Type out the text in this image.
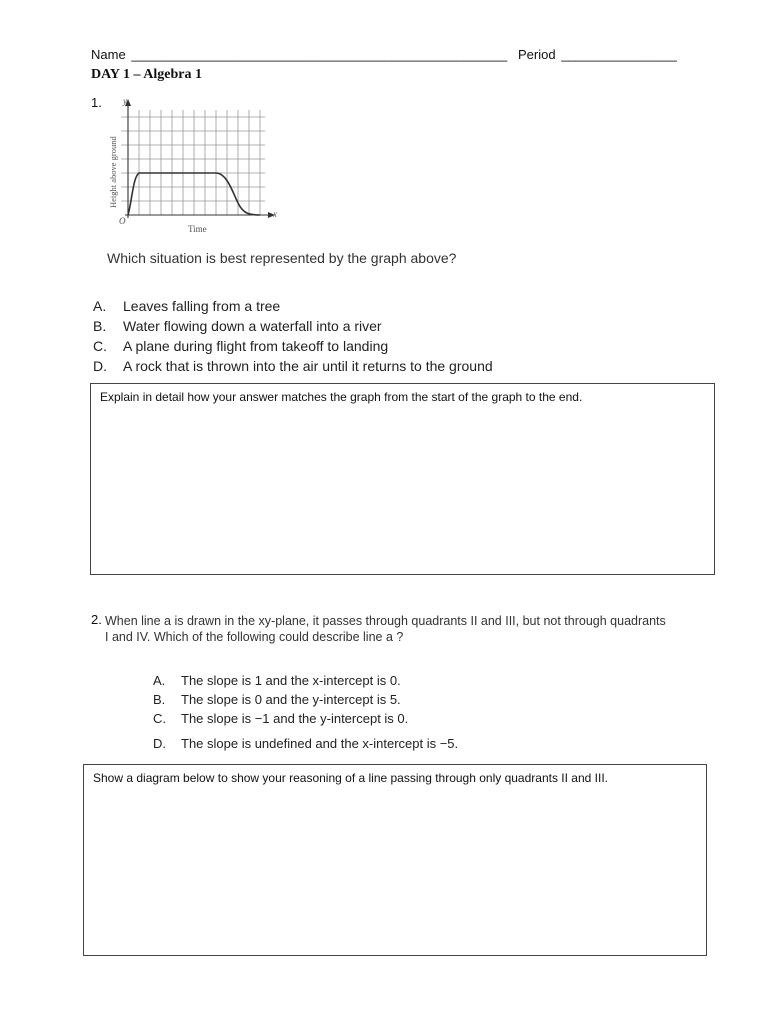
Name ____________________________________________________ Period ________________
DAY 1 – Algebra 1
1. y
x
O
Time
Height above ground
Which situation is best represented by the graph above?
A.	Leaves falling from a tree
B.	Water flowing down a waterfall into a river
C.	A plane during flight from takeoff to landing
D.	A rock that is thrown into the air until it returns to the ground
Explain in detail how your answer matches the graph from the start of the graph to the end.
2. When line a is drawn in the xy-plane, it passes through quadrants II and III, but not through quadrants
I and IV. Which of the following could describe line a ?
A.	The slope is 1 and the x-intercept is 0.
B.	The slope is 0 and the y-intercept is 5.
C.	The slope is −1 and the y-intercept is 0.
D.	The slope is undefined and the x-intercept is −5.
Show a diagram below to show your reasoning of a line passing through only quadrants II and III.
